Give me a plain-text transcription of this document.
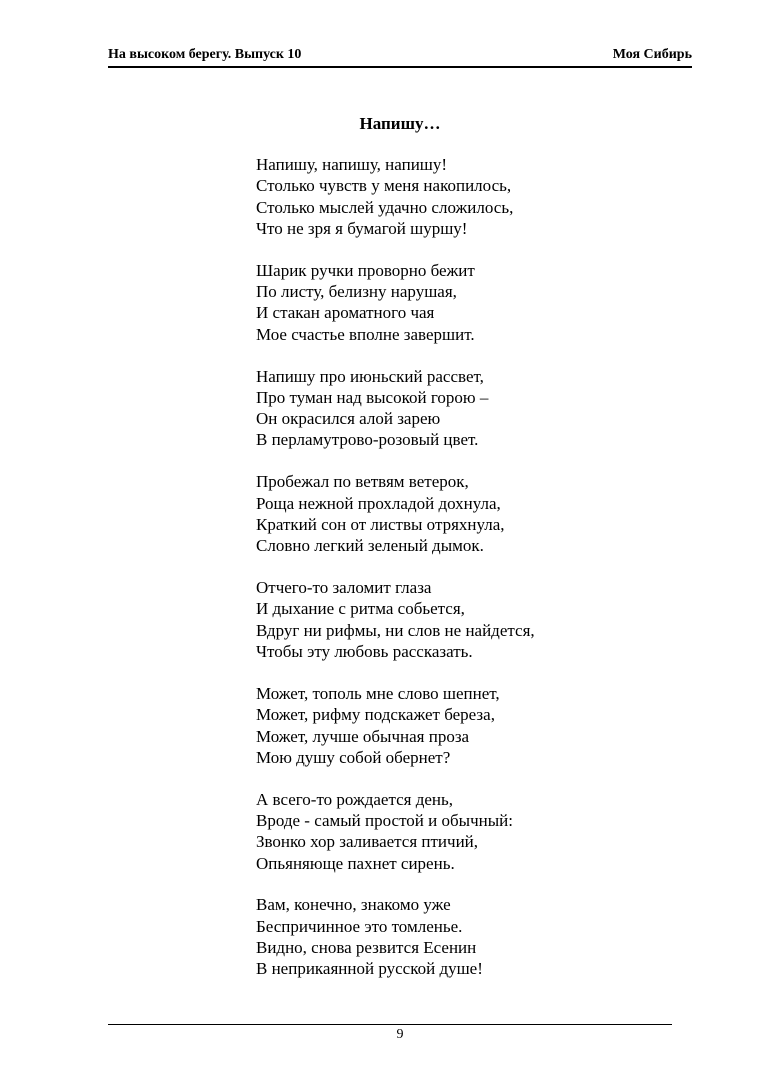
На высоком берегу. Выпуск 10	Моя Сибирь
Напишу…
Напишу, напишу, напишу!
Столько чувств у меня накопилось,
Столько мыслей удачно сложилось,
Что не зря я бумагой шуршу!
Шарик ручки проворно бежит
По листу, белизну нарушая,
И стакан ароматного чая
Мое счастье вполне завершит.
Напишу про июньский рассвет,
Про туман над высокой горою –
Он окрасился алой зарею
В перламутрово-розовый цвет.
Пробежал по ветвям ветерок,
Роща нежной прохладой дохнула,
Краткий сон от листвы отряхнула,
Словно легкий зеленый дымок.
Отчего-то заломит глаза
И дыхание с ритма собьется,
Вдруг ни рифмы, ни слов не найдется,
Чтобы эту любовь рассказать.
Может, тополь мне слово шепнет,
Может, рифму подскажет береза,
Может, лучше обычная проза
Мою душу собой обернет?
А всего-то рождается день,
Вроде - самый простой и обычный:
Звонко хор заливается птичий,
Опьяняюще пахнет сирень.
Вам, конечно, знакомо уже
Беспричинное это томленье.
Видно, снова резвится Есенин
В неприкаянной русской душе!
9
